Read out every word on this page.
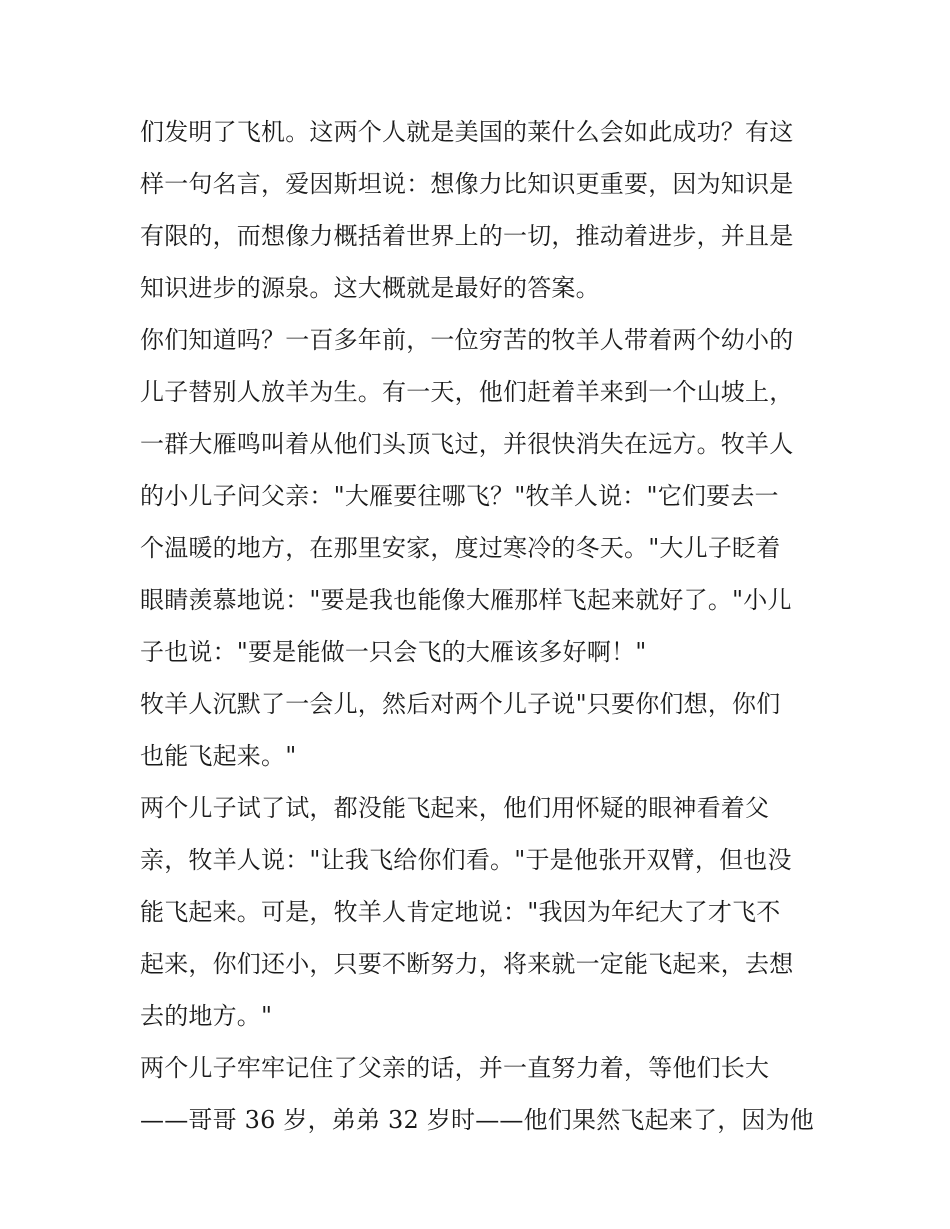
们发明了飞机。这两个人就是美国的莱什么会如此成功？有这
样一句名言，爱因斯坦说：想像力比知识更重要，因为知识是
有限的，而想像力概括着世界上的一切，推动着进步，并且是
知识进步的源泉。这大概就是最好的答案。
你们知道吗？一百多年前，一位穷苦的牧羊人带着两个幼小的
儿子替别人放羊为生。有一天，他们赶着羊来到一个山坡上，
一群大雁鸣叫着从他们头顶飞过，并很快消失在远方。牧羊人
的小儿子问父亲："大雁要往哪飞？"牧羊人说："它们要去一
个温暖的地方，在那里安家，度过寒冷的冬天。"大儿子眨着
眼睛羡慕地说："要是我也能像大雁那样飞起来就好了。"小儿
子也说："要是能做一只会飞的大雁该多好啊！"
牧羊人沉默了一会儿，然后对两个儿子说"只要你们想，你们
也能飞起来。"
两个儿子试了试，都没能飞起来，他们用怀疑的眼神看着父
亲，牧羊人说："让我飞给你们看。"于是他张开双臂，但也没
能飞起来。可是，牧羊人肯定地说："我因为年纪大了才飞不
起来，你们还小，只要不断努力，将来就一定能飞起来，去想
去的地方。"
两个儿子牢牢记住了父亲的话，并一直努力着，等他们长大
——哥哥 36 岁，弟弟 32 岁时——他们果然飞起来了，因为他
